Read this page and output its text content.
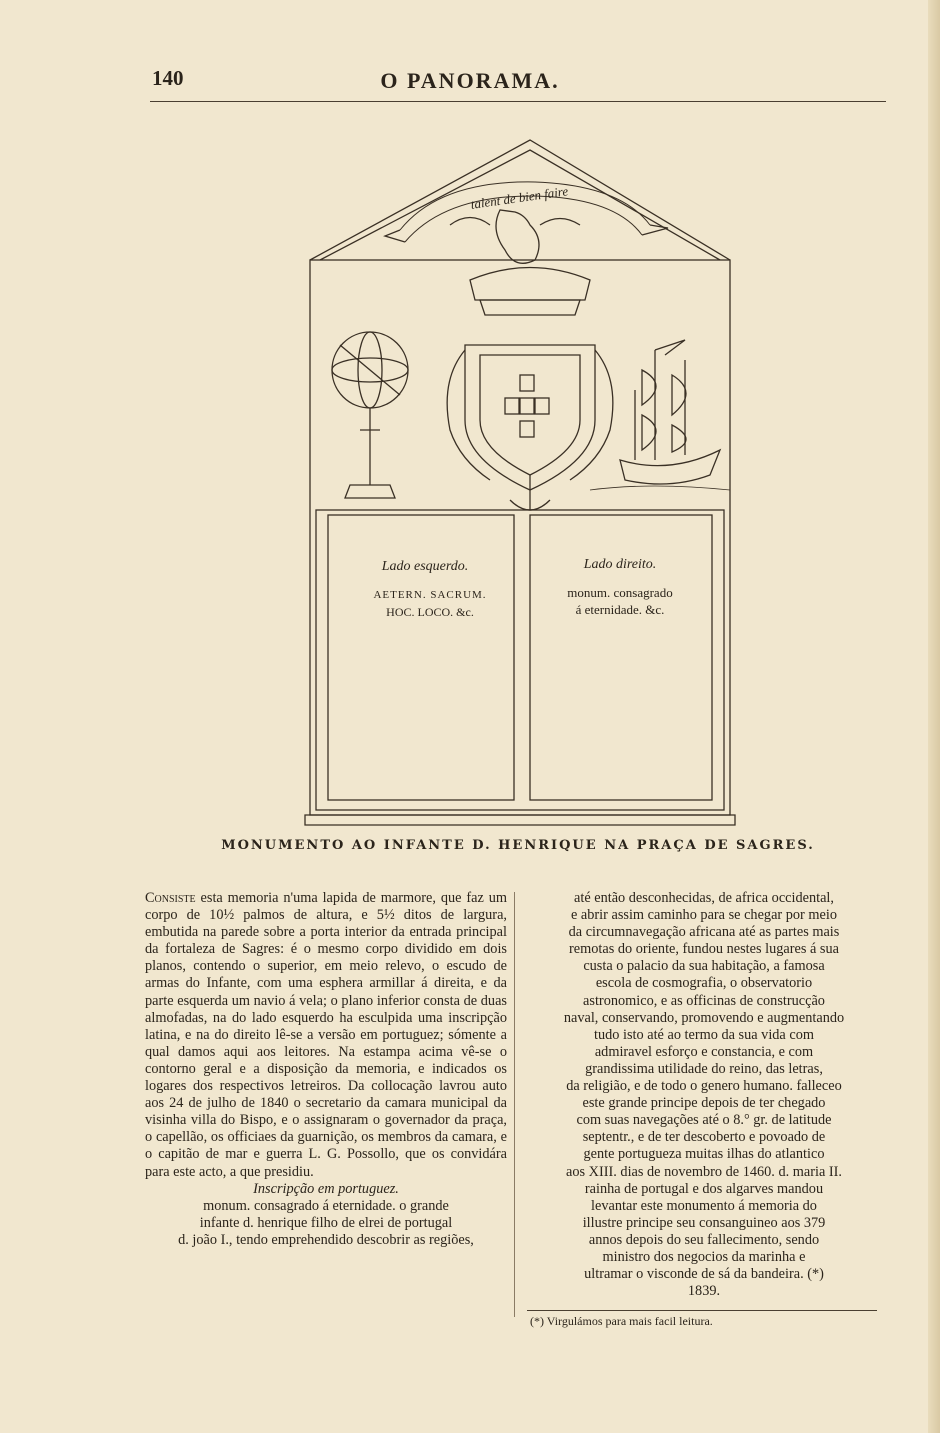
140	O PANORAMA.
talent de bien faire
Lado esquerdo.
AETERN. SACRUM.
HOC. LOCO. &c.
Lado direito.
monum. consagrado
á eternidade. &c.
MONUMENTO AO INFANTE D. HENRIQUE NA PRAÇA DE SAGRES.

Consiste esta memoria n'uma lapida de marmore, que faz um corpo de 10½ palmos de altura, e 5½ ditos de largura, embutida na parede sobre a porta interior da entrada principal da fortaleza de Sagres: é o mesmo corpo dividido em dois planos, contendo o superior, em meio relevo, o escudo de armas do Infante, com uma esphera armillar á direita, e da parte esquerda um navio á vela; o plano inferior consta de duas almofadas, na do lado esquerdo ha esculpida uma inscripção latina, e na do direito lê-se a versão em portuguez; sómente a qual damos aqui aos leitores. Na estampa acima vê-se o contorno geral e a disposição da memoria, e indicados os logares dos respectivos letreiros. Da collocação lavrou auto aos 24 de julho de 1840 o secretario da camara municipal da visinha villa do Bispo, e o assignaram o governador da praça, o capellão, os officiaes da guarnição, os membros da camara, e o capitão de mar e guerra L. G. Possollo, que os convidára para este acto, a que presidiu.

Inscripção em portuguez.

monum. consagrado á eternidade. o grande
infante d. henrique filho de elrei de portugal
d. joão I., tendo emprehendido descobrir as regiões,
até então desconhecidas, de africa occidental,
e abrir assim caminho para se chegar por meio
da circumnavegação africana até as partes mais
remotas do oriente, fundou nestes lugares á sua
custa o palacio da sua habitação, a famosa
escola de cosmografia, o observatorio
astronomico, e as officinas de construcção
naval, conservando, promovendo e augmentando
tudo isto até ao termo da sua vida com
admiravel esforço e constancia, e com
grandissima utilidade do reino, das letras,
da religião, e de todo o genero humano. falleceo
este grande principe depois de ter chegado
com suas navegações até o 8.° gr. de latitude
septentr., e de ter descoberto e povoado de
gente portugueza muitas ilhas do atlantico
aos XIII. dias de novembro de 1460. d. maria II.
rainha de portugal e dos algarves mandou
levantar este monumento á memoria do
illustre principe seu consanguineo aos 379
annos depois do seu fallecimento, sendo
ministro dos negocios da marinha e
ultramar o visconde de sá da bandeira. (*)
1839.
(*) Virgulámos para mais facil leitura.
